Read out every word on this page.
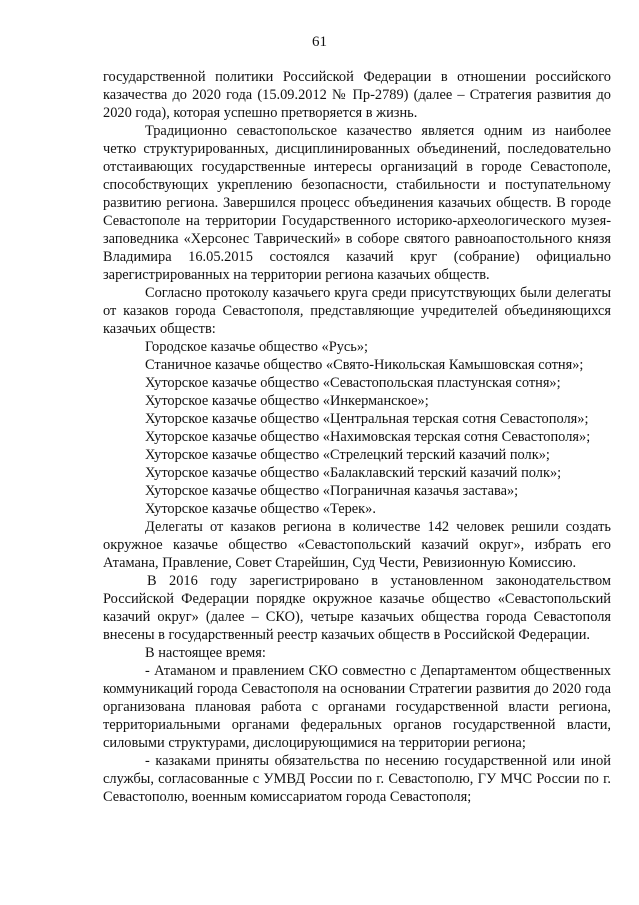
61

государственной политики Российской Федерации в отношении российского казачества до 2020 года (15.09.2012 № Пр-2789) (далее – Стратегия развития до 2020 года), которая успешно претворяется в жизнь.

Традиционно севастопольское казачество является одним из наиболее четко структурированных, дисциплинированных объединений, последовательно отстаивающих государственные интересы организаций в городе Севастополе, способствующих укреплению безопасности, стабильности и поступательному развитию региона. Завершился процесс объединения казачьих обществ. В городе Севастополе на территории Государственного историко-археологического музея-заповедника «Херсонес Таврический» в соборе святого равноапостольного князя Владимира 16.05.2015 состоялся казачий круг (собрание) официально зарегистрированных на территории региона казачьих обществ.

Согласно протоколу казачьего круга среди присутствующих были делегаты от казаков города Севастополя, представляющие учредителей объединяющихся казачьих обществ:

Городское казачье общество «Русь»;

Станичное казачье общество «Свято-Никольская Камышовская сотня»;

Хуторское казачье общество «Севастопольская пластунская сотня»;

Хуторское казачье общество «Инкерманское»;

Хуторское казачье общество «Центральная терская сотня Севастополя»;

Хуторское казачье общество «Нахимовская терская сотня Севастополя»;

Хуторское казачье общество «Стрелецкий терский казачий полк»;

Хуторское казачье общество «Балаклавский терский казачий полк»;

Хуторское казачье общество «Пограничная казачья застава»;

Хуторское казачье общество «Терек».

Делегаты от казаков региона в количестве 142 человек решили создать окружное казачье общество «Севастопольский казачий округ», избрать его Атамана, Правление, Совет Старейшин, Суд Чести, Ревизионную Комиссию.

В 2016 году зарегистрировано в установленном законодательством Российской Федерации порядке окружное казачье общество «Севастопольский казачий округ» (далее – СКО), четыре казачьих общества города Севастополя внесены в государственный реестр казачьих обществ в Российской Федерации.

В настоящее время:

- Атаманом и правлением СКО совместно с Департаментом общественных коммуникаций города Севастополя на основании Стратегии развития до 2020 года организована плановая работа с органами государственной власти региона, территориальными органами федеральных органов государственной власти, силовыми структурами, дислоцирующимися на территории региона;

- казаками приняты обязательства по несению государственной или иной службы, согласованные с УМВД России по г. Севастополю, ГУ МЧС России по г. Севастополю, военным комиссариатом города Севастополя;
